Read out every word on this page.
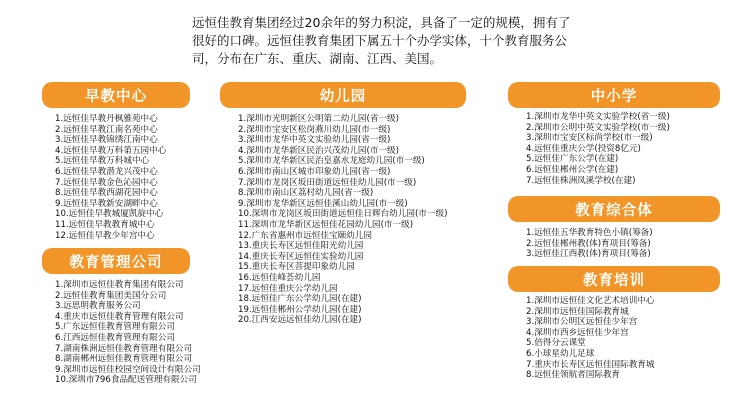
远恒佳教育集团经过20余年的努力积淀，具备了一定的规模，拥有了

很好的口碑。远恒佳教育集团下属五十个办学实体，十个教育服务公

司，分布在广东、重庆、湖南、江西、美国。

早教中心
1.远恒佳早教丹枫雅苑中心
2.远恒佳早教江南名苑中心
3.远恒佳早教锦绣江南中心
4.远恒佳早教万科第五园中心
5.远恒佳早教万科城中心
6.远恒佳早教潜龙兴茂中心
7.远恒佳早教金色沁园中心
8.远恒佳早教西湖花园中心
9.远恒佳早教新安湖畔中心
10.远恒佳早教城厦凯旋中心
11.远恒佳早教教育城中心
12.远恒佳早教少年宫中心
教育管理公司
1.深圳市远恒佳教育集团有限公司
2.远恒佳教育集团美国分公司
3.远思明教育服务公司
4.重庆市远恒佳教育管理有限公司
5.广东远恒佳教育管理有限公司
6.江西远恒佳教育管理有限公司
7.湖南株洲远恒佳教育管理有限公司
8.湖南郴州远恒佳教育管理有限公司
9.深圳市远恒佳校园空间设计有限公司
10.深圳市796食品配送管理有限公司
幼儿园
1.深圳市光明新区公明第二幼儿园(省一级)
2.深圳市宝安区松岗燕川幼儿园(市一级)
3.深圳市龙华中英文实验幼儿园(省一级)
4.深圳市龙华新区民治兴茂幼儿园(市一级)
5.深圳市龙华新区民治皇嘉水龙庭幼儿园(市一级)
6.深圳市南山区城市印象幼儿园(省一级)
7.深圳市龙岗区坂田街道远恒佳幼儿园(市一级)
8.深圳市南山区荔村幼儿园(省一级)
9.深圳市龙华新区远恒佳溪山幼儿园(市一级)
10.深圳市龙岗区坂田街道远恒佳日辉台幼儿园(市一级)
11.深圳市龙华新区远恒佳花园幼儿园(市一级)
12.广东省惠州市远恒佳宝颐幼儿园
13.重庆长寿区远恒佳阳光幼儿园
14.重庆长寿区远恒佳实验幼儿园
15.重庆长寿区菩提印象幼儿园
16.远恒佳峰荟幼儿园
17.远恒佳重庆公学幼儿园
18.远恒佳广东公学幼儿园(在建)
19.远恒佳郴州公学幼儿园(在建)
20.江西安远远恒佳幼儿园(在建)
中小学
1.深圳市龙华中英文实验学校(省一级)
2.深圳市公明中英文实验学校(市一级)
3.深圳市宝安区标尚学校(市一级)
4.远恒佳重庆公学(投资8亿元)
5.远恒佳广东公学(在建)
6.远恒佳郴州公学(在建)
7.远恒佳株洲凤溪学校(在建)
教育综合体
1.远恒佳五华教育特色小镇(筹备)
2.远恒佳郴州教(体)育项目(筹备)
3.远恒佳江西教(体)育项目(筹备)
教育培训
1.深圳市远恒佳文化艺术培训中心
2.深圳市远恒佳国际教育城
3.深圳市公明区远恒佳少年宫
4.深圳市西乡远恒佳少年宫
5.倍得分云课堂
6.小球星幼儿足球
7.重庆市长寿区远恒佳国际教育城
8.远恒佳领航者国际教育
